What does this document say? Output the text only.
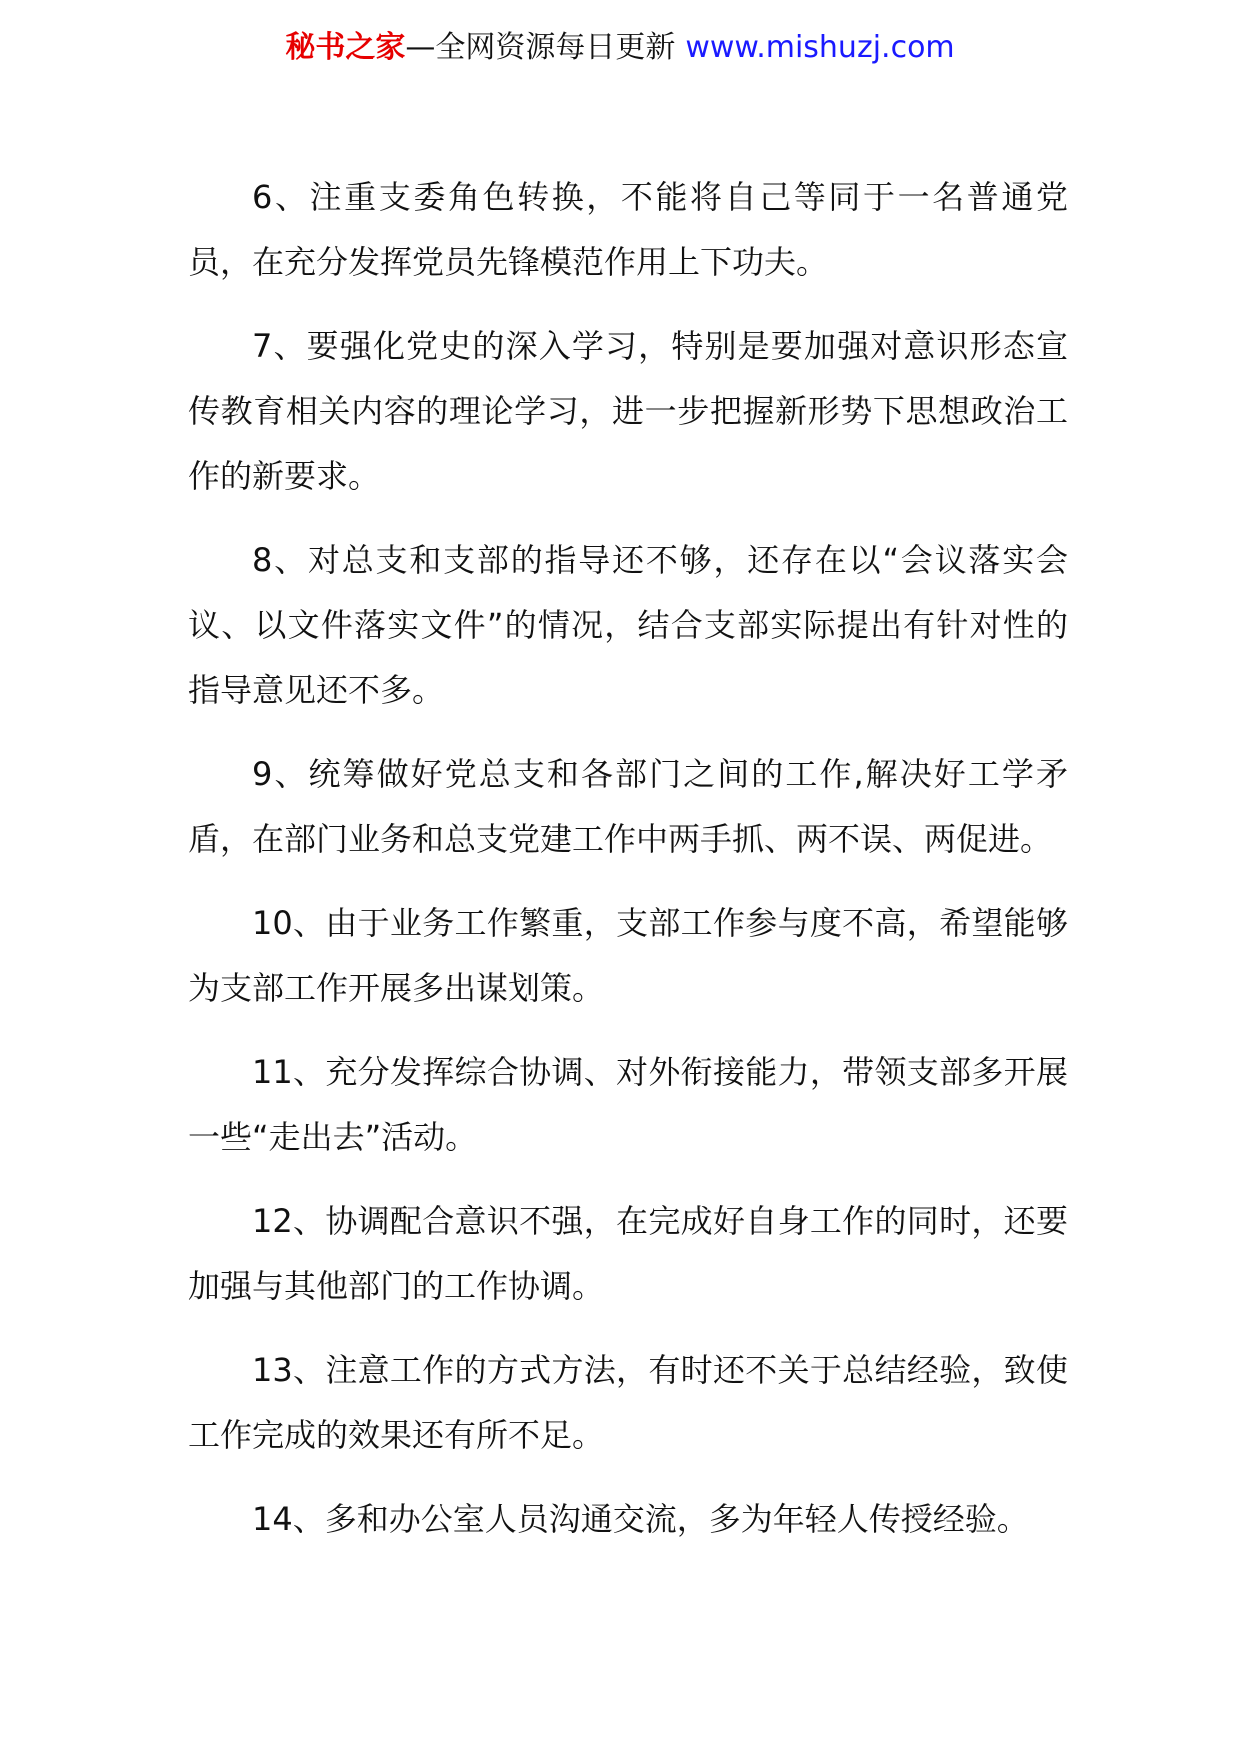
秘书之家—全网资源每日更新 www.mishuzj.com

6、注重支委角色转换，不能将自己等同于一名普通党员，在充分发挥党员先锋模范作用上下功夫。

7、要强化党史的深入学习，特别是要加强对意识形态宣传教育相关内容的理论学习，进一步把握新形势下思想政治工作的新要求。

8、对总支和支部的指导还不够，还存在以“会议落实会议、以文件落实文件”的情况，结合支部实际提出有针对性的指导意见还不多。

9、统筹做好党总支和各部门之间的工作,解决好工学矛盾，在部门业务和总支党建工作中两手抓、两不误、两促进。

10、由于业务工作繁重，支部工作参与度不高，希望能够为支部工作开展多出谋划策。

11、充分发挥综合协调、对外衔接能力，带领支部多开展一些“走出去”活动。

12、协调配合意识不强，在完成好自身工作的同时，还要加强与其他部门的工作协调。

13、注意工作的方式方法，有时还不关于总结经验，致使工作完成的效果还有所不足。

14、多和办公室人员沟通交流，多为年轻人传授经验。
